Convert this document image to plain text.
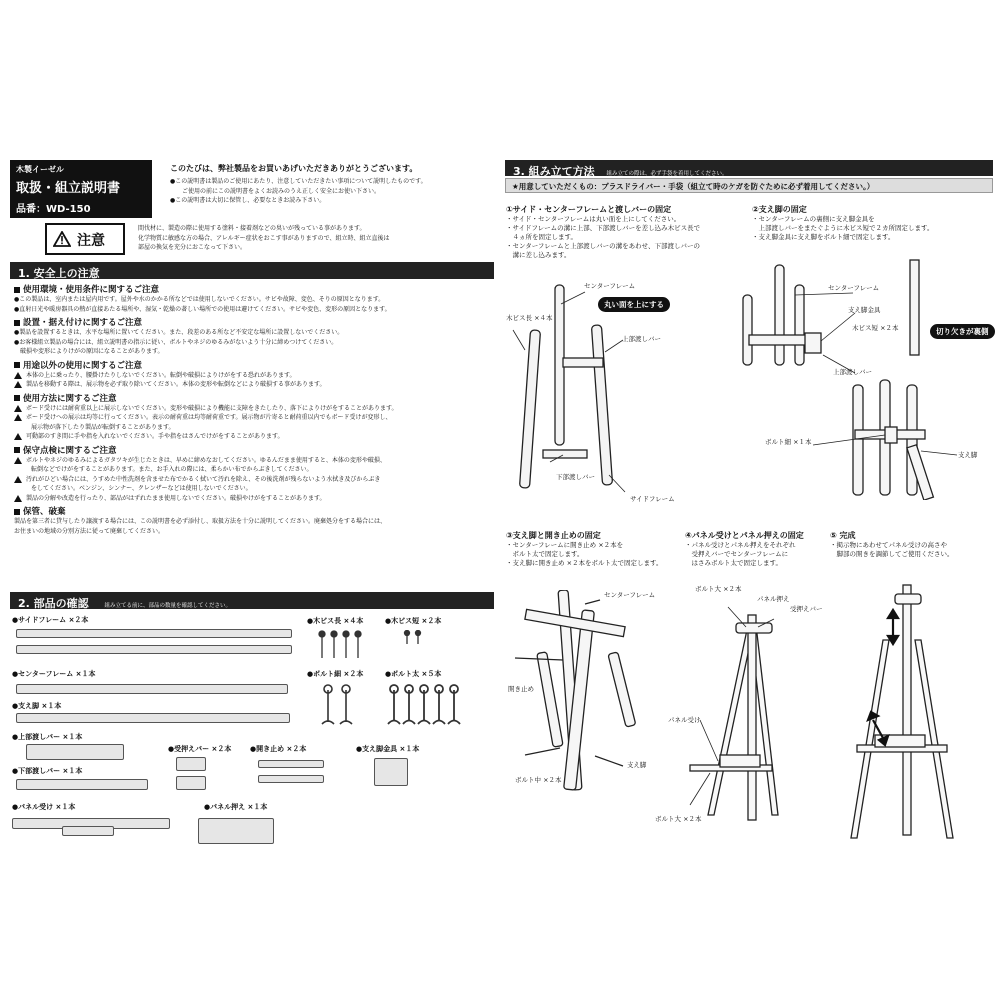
木製イーゼル
取扱・組立説明書
品番：WD-150
このたびは、弊社製品をお買いあげいただきありがとうございます。
●この説明書は製品のご使用にあたり、注意していただきたい事項について説明したものです。
ご使用の前にこの説明書をよくお読みのうえ正しく安全にお使い下さい。
●この説明書は大切に保管し、必要なときお読み下さい。
注意
間伐材に、製造の際に使用する塗料・接着剤などの臭いが残っている事があります。
化学物質に敏感な方の場合、アレルギー症状をおこす事がありますので、組立時、組立直後は
部屋の換気を充分におこなって下さい。
1. 安全上の注意
使用環境・使用条件に関するご注意
●この製品は、室内または屋内用です。屋外や水のかかる所などでは使用しないでください。サビや故障、変色、そりの原因となります。
●直射日光や暖房器具の熱が直接あたる場所や、湿気・乾燥の著しい場所での使用は避けてください。サビや変色、変形の原因となります。
設置・据え付けに関するご注意
●製品を設置するときは、水平な場所に置いてください。また、段差のある所など不安定な場所に設置しないでください。
●お客様組立製品の場合には、組立説明書の指示に従い、ボルトやネジのゆるみがないよう十分に締めつけてください。
　破損や変形によりけがの原因になることがあります。
用途以外の使用に関するご注意
本体の上に乗ったり、腰掛けたりしないでください。転倒や破損によりけがをする恐れがあります。
製品を移動する際は、展示物を必ず取り除いてください。本体の変形や転倒などにより破損する事があります。
使用方法に関するご注意
ボード受けには耐荷重以上に展示しないでください。変形や破損により機能に支障をきたしたり、落下によりけがをすることがあります。
ボード受けへの展示は均等に行ってください。表示の耐荷重は均等耐荷重です。展示物が片寄ると耐荷重以内でもボード受けが変形し、
　展示物が落下したり製品が転倒することがあります。
可動部のすき間に手や指を入れないでください。手や指をはさんでけがをすることがあります。
保守点検に関するご注意
ボルトやネジのゆるみによるガタツキが生じたときは、早めに締めなおしてください。ゆるんだまま使用すると、本体の変形や破損、
　転倒などでけがをすることがあります。また、お手入れの際には、柔らかい布でからぶきしてください。
汚れがひどい場合には、うすめた中性洗剤を含ませた布でかるく拭いて汚れを除え、その後洗剤が残らないよう水拭き及びからぶき
　をしてください。ベンジン、シンナー、クレンザーなどは使用しないでください。
製品の分解や改造を行ったり、部品がはずれたまま使用しないでください。破損やけがをすることがあります。
保管、破棄
製品を第三者に貸与したり譲渡する場合には、この説明書を必ず添付し、取扱方法を十分に説明してください。廃棄処分をする場合には、
お住まいの地域の分別方法に従って廃棄してください。
2. 部品の確認	組み立てる前に、部品の数量を確認してください。
●サイドフレーム ×２本
●センターフレーム ×１本
●支え脚 ×１本
●上部渡しバー ×１本
●下部渡しバー ×１本
●パネル受け ×１本
●受押えバー ×２本	●開き止め ×２本	●支え脚金具 ×１本
●パネル押え ×１本
●木ビス長 ×４本	●木ビス短 ×２本
●ボルト細 ×２本	●ボルト太 ×５本
3. 組み立て方法 組み立ての際は、必ず手袋を着用してください。
★用意していただくもの：プラスドライバー・手袋（組立て時のケガを防ぐために必ず着用してください。）
①サイド・センターフレームと渡しバーの固定
・サイド・センターフレームは丸い面を上にしてください。
・サイドフレームの溝に上部、下部渡しバーを差し込み木ビス長で
　４ヵ所を固定します。
・センターフレームと上部渡しバーの溝をあわせ、下部渡しバーの
　溝に差し込みます。
センターフレーム
丸い面を上にする
木ビス長 ×４本
上部渡しバー
下部渡しバー
サイドフレーム
②支え脚の固定
・センターフレームの裏側に支え脚金具を
　上部渡しバーをまたぐように木ビス短で２カ所固定します。
・支え脚金具に支え脚をボルト細で固定します。
センターフレーム
支え脚金具
木ビス短 ×２本	切り欠きが裏側
上部渡しバー
ボルト細 ×１本
支え脚
③支え脚と開き止めの固定
・センターフレームに開き止め ×２本を
　ボルト太で固定します。
・支え脚に開き止め ×２本をボルト太で固定します。
センターフレーム
開き止め
支え脚
ボルト中 ×２本
④パネル受けとパネル押えの固定
・パネル受けとパネル押えをそれぞれ
　受押えバーでセンターフレームに
　はさみボルト太で固定します。
ボルト大 ×２本
パネル押え
受押えバー
パネル受け
ボルト大 ×２本
⑤ 完成
・掲示物にあわせてパネル受けの高さや
　脚部の開きを調節してご使用ください。
